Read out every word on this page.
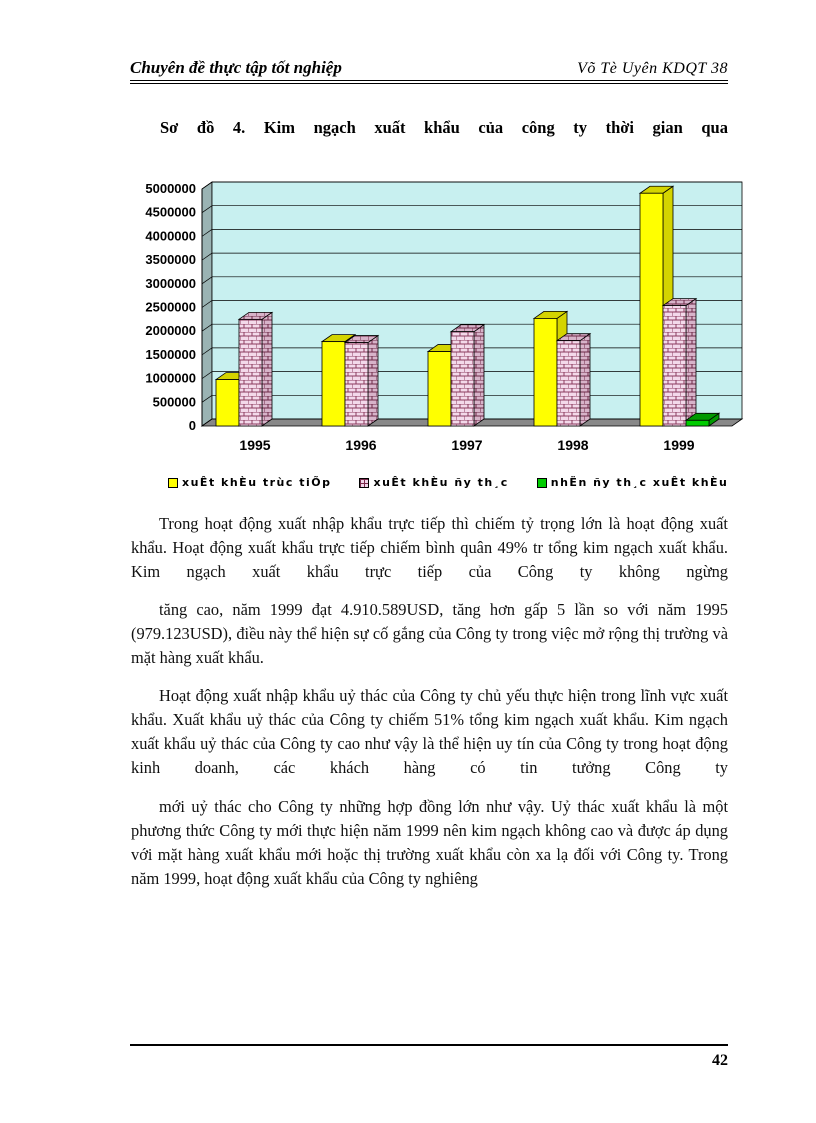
Chuyên đề thực tập tốt nghiệp	Võ Tè Uyên KDQT 38
Sơ đồ 4. Kim ngạch xuất khẩu của công ty thời gian qua
0
500000
1000000
1500000
2000000
2500000
3000000
3500000
4000000
4500000
5000000
1995	1996	1997	1998	1999
xuÊt khÈu trùc tiÕp	xuÊt khÈu ñy th¸c	nhËn ñy th¸c xuÊt khÈu

Trong hoạt động xuất nhập khẩu trực tiếp thì chiếm tỷ trọng lớn là hoạt động xuất khẩu. Hoạt động xuất khẩu trực tiếp chiếm bình quân 49% tr tổng kim ngạch xuất khẩu. Kim ngạch xuất khẩu trực tiếp của Công ty không ngừng

tăng cao, năm 1999 đạt 4.910.589USD, tăng hơn gấp 5 lần so với năm 1995 (979.123USD), điều này thể hiện sự cố gắng của Công ty trong việc mở rộng thị trường và mặt hàng xuất khẩu.

Hoạt động xuất nhập khẩu uỷ thác của Công ty chủ yếu thực hiện trong lĩnh vực xuất khẩu. Xuất khẩu uỷ thác của Công ty chiếm 51% tổng kim ngạch xuất khẩu. Kim ngạch xuất khẩu uỷ thác của Công ty cao như vậy là thể hiện uy tín của Công ty trong hoạt động kinh doanh, các khách hàng có tin tưởng Công ty

mới uỷ thác cho Công ty những hợp đồng lớn như vậy. Uỷ thác xuất khẩu là một phương thức Công ty mới thực hiện năm 1999 nên kim ngạch không cao và được áp dụng với mặt hàng xuất khẩu mới hoặc thị trường xuất khẩu còn xa lạ đối với Công ty. Trong năm 1999, hoạt động xuất khẩu của Công ty nghiêng

42
